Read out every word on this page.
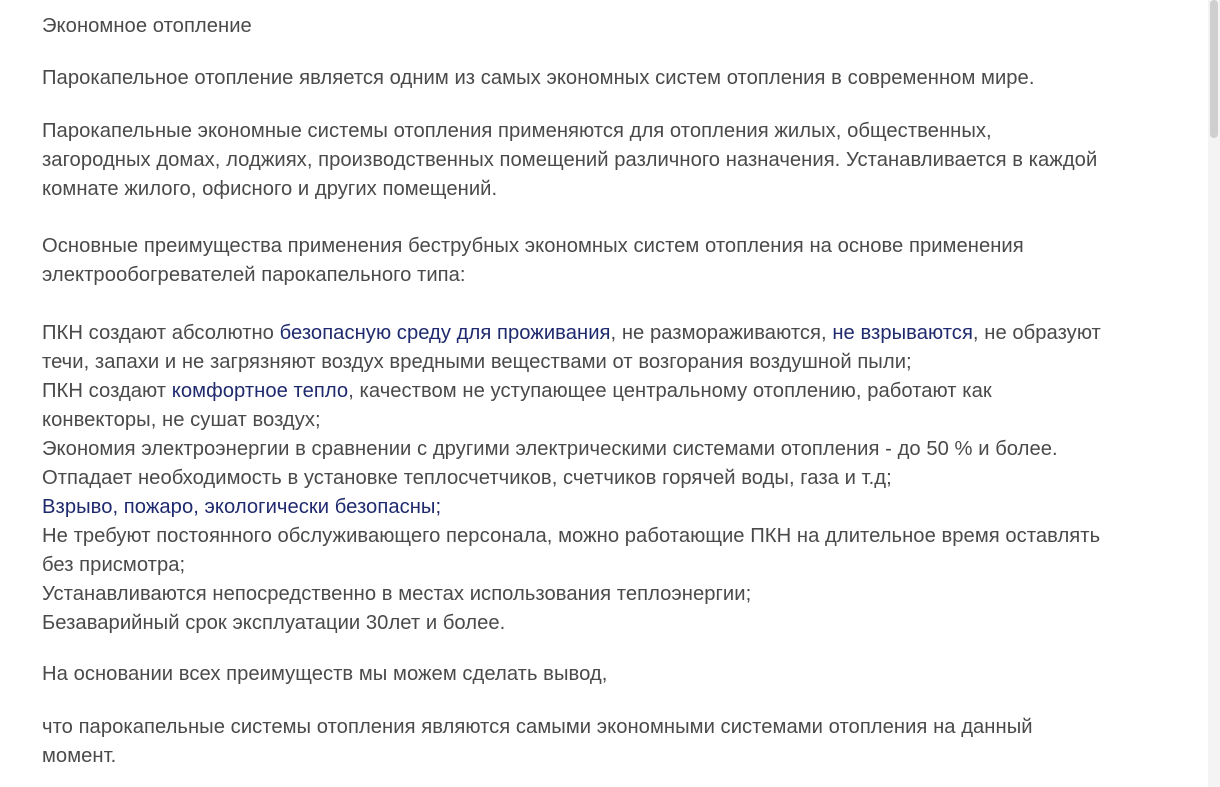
Экономное отопление
Парокапельное отопление является одним из самых экономных систем отопления в современном мире.
Парокапельные экономные системы отопления применяются для отопления жилых, общественных,
загородных домах, лоджиях, производственных помещений различного назначения. Устанавливается в каждой
комнате жилого, офисного и других помещений.
Основные преимущества применения беструбных экономных систем отопления на основе применения
электрообогревателей парокапельного типа:
ПКН создают абсолютно безопасную среду для проживания, не размораживаются, не взрываются, не образуют
течи, запахи и не загрязняют воздух вредными веществами от возгорания воздушной пыли;
ПКН создают комфортное тепло, качеством не уступающее центральному отоплению, работают как
конвекторы, не сушат воздух;
Экономия электроэнергии в сравнении с другими электрическими системами отопления - до 50 % и более.
Отпадает необходимость в установке теплосчетчиков, счетчиков горячей воды, газа и т.д;
Взрыво, пожаро, экологически безопасны;
Не требуют постоянного обслуживающего персонала, можно работающие ПКН на длительное время оставлять
без присмотра;
Устанавливаются непосредственно в местах использования теплоэнергии;
Безаварийный срок эксплуатации 30лет и более.
На основании всех преимуществ мы можем сделать вывод,
что парокапельные системы отопления являются самыми экономными системами отопления на данный
момент.
